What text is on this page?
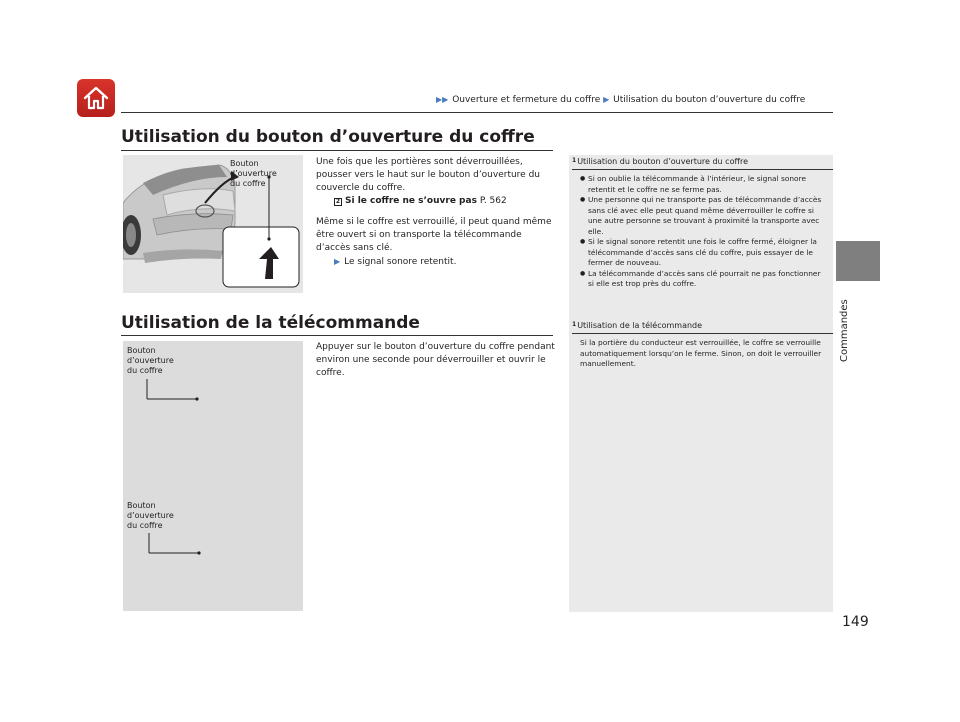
▶▶ Ouverture et fermeture du coffre ▶ Utilisation du bouton d’ouverture du coffre
Commandes
Utilisation du bouton d’ouverture du coffre
Bouton
d’ouverture
du coffre

Une fois que les portières sont déverrouillées, pousser vers le haut sur le bouton d’ouverture du couvercle du coffre.

2 Si le coffre ne s’ouvre pas P. 562

Même si le coffre est verrouillé, il peut quand même être ouvert si on transporte la télécommande d’accès sans clé.

▶ Le signal sonore retentit.

Utilisation de la télécommande
Bouton
d’ouverture
du coffre
Bouton
d’ouverture
du coffre

Appuyer sur le bouton d’ouverture du coffre pendant environ une seconde pour déverrouiller et ouvrir le coffre.

$^1$Utilisation du bouton d’ouverture du coffre
● Si on oublie la télécommande à l’intérieur, le signal sonore retentit et le coffre ne se ferme pas.
● Une personne qui ne transporte pas de télécommande d’accès sans clé avec elle peut quand même déverrouiller le coffre si une autre personne se trouvant à proximité la transporte avec elle.
● Si le signal sonore retentit une fois le coffre fermé, éloigner la télécommande d’accès sans clé du coffre, puis essayer de le fermer de nouveau.
● La télécommande d’accès sans clé pourrait ne pas fonctionner si elle est trop près du coffre.
$^1$Utilisation de la télécommande
Si la portière du conducteur est verrouillée, le coffre se verrouille automatiquement lorsqu’on le ferme. Sinon, on doit le verrouiller manuellement.
149
